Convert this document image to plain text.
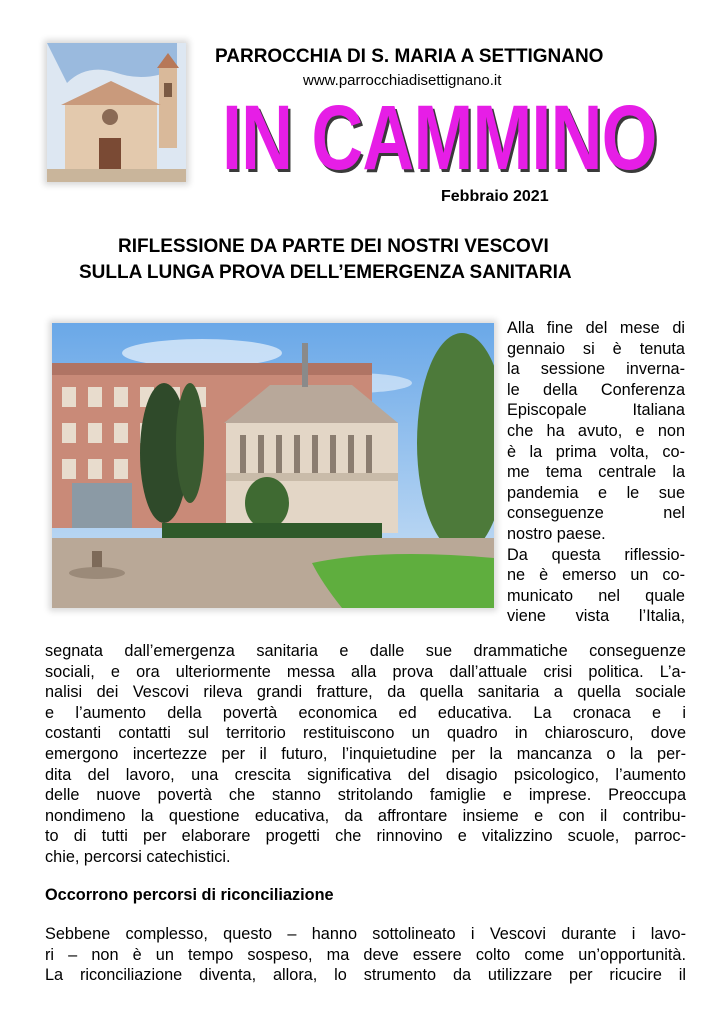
PARROCCHIA DI S. MARIA A SETTIGNANO
www.parrocchiadisettignano.it
IN CAMMINO
Febbraio 2021
RIFLESSIONE DA PARTE DEI NOSTRI VESCOVI
SULLA LUNGA PROVA DELL’EMERGENZA SANITARIA
Alla fine del mese di
gennaio si è tenuta
la sessione inverna-
le della Conferenza
Episcopale Italiana
che ha avuto, e non
è la prima volta, co-
me tema centrale la
pandemia e le sue
conseguenze nel
nostro paese.
Da questa riflessio-
ne è emerso un co-
municato nel quale
viene vista l’Italia,
segnata dall’emergenza sanitaria e dalle sue drammatiche conseguenze
sociali, e ora ulteriormente messa alla prova dall’attuale crisi politica. L’a-
nalisi dei Vescovi rileva grandi fratture, da quella sanitaria a quella sociale
e l’aumento della povertà economica ed educativa. La cronaca e i
costanti contatti sul territorio restituiscono un quadro in chiaroscuro, dove
emergono incertezze per il futuro, l’inquietudine per la mancanza o la per-
dita del lavoro, una crescita significativa del disagio psicologico, l’aumento
delle nuove povertà che stanno stritolando famiglie e imprese. Preoccupa
nondimeno la questione educativa, da affrontare insieme e con il contribu-
to di tutti per elaborare progetti che rinnovino e vitalizzino scuole, parroc-
chie, percorsi catechistici.
Occorrono percorsi di riconciliazione
Sebbene complesso, questo – hanno sottolineato i Vescovi durante i lavo-
ri – non è un tempo sospeso, ma deve essere colto come un’opportunità.
La riconciliazione diventa, allora, lo strumento da utilizzare per ricucire il
